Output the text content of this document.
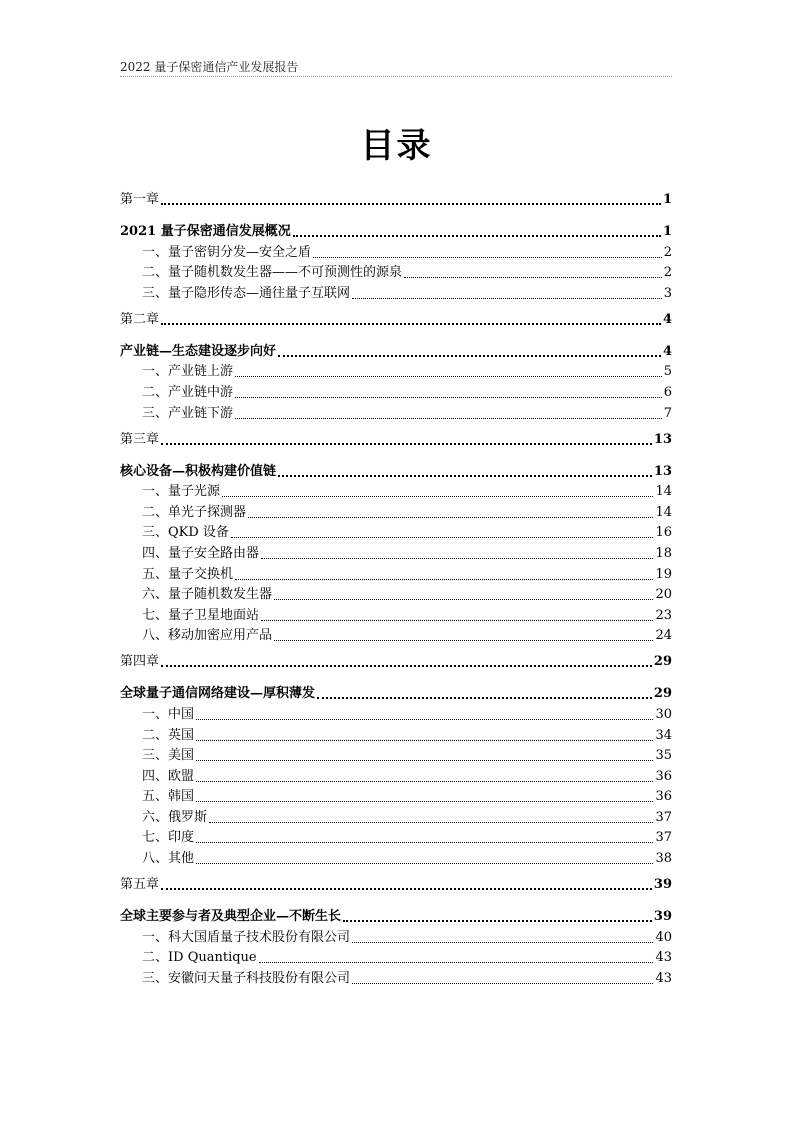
2022 量子保密通信产业发展报告
目录
第一章	1
2021 量子保密通信发展概况	1
一、量子密钥分发—安全之盾	2
二、量子随机数发生器——不可预测性的源泉	2
三、量子隐形传态—通往量子互联网	3
第二章	4
产业链—生态建设逐步向好	4
一、产业链上游	5
二、产业链中游	6
三、产业链下游	7
第三章	13
核心设备—积极构建价值链	13
一、量子光源	14
二、单光子探测器	14
三、QKD 设备	16
四、量子安全路由器	18
五、量子交换机	19
六、量子随机数发生器	20
七、量子卫星地面站	23
八、移动加密应用产品	24
第四章	29
全球量子通信网络建设—厚积薄发	29
一、中国	30
二、英国	34
三、美国	35
四、欧盟	36
五、韩国	36
六、俄罗斯	37
七、印度	37
八、其他	38
第五章	39
全球主要参与者及典型企业—不断生长	39
一、科大国盾量子技术股份有限公司	40
二、ID Quantique	43
三、安徽问天量子科技股份有限公司	43
